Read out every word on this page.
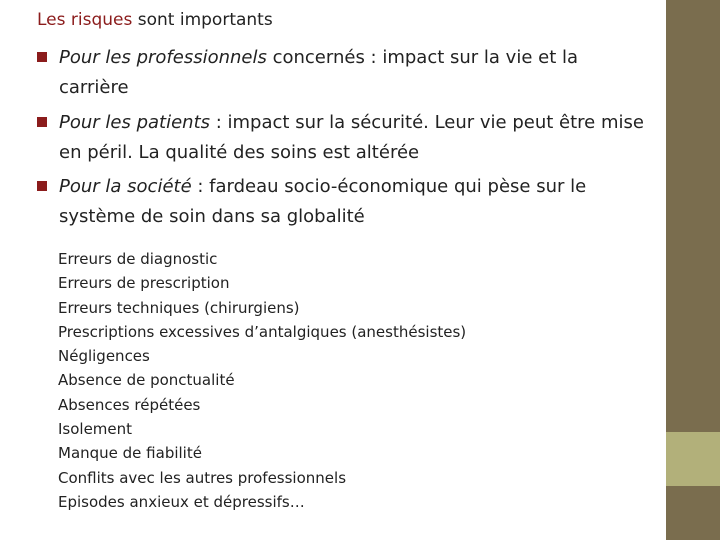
Les risques sont importants
Pour les professionnels concernés : impact sur la vie et la carrière
Pour les patients : impact sur la sécurité. Leur vie peut être mise en péril. La qualité des soins est altérée
Pour la société : fardeau socio-économique qui pèse sur le système de soin dans sa globalité
Erreurs de diagnostic
Erreurs de prescription
Erreurs techniques (chirurgiens)
Prescriptions excessives d’antalgiques (anesthésistes)
Négligences
Absence de ponctualité
Absences répétées
Isolement
Manque de fiabilité
Conflits avec les autres professionnels
Episodes anxieux et dépressifs…
